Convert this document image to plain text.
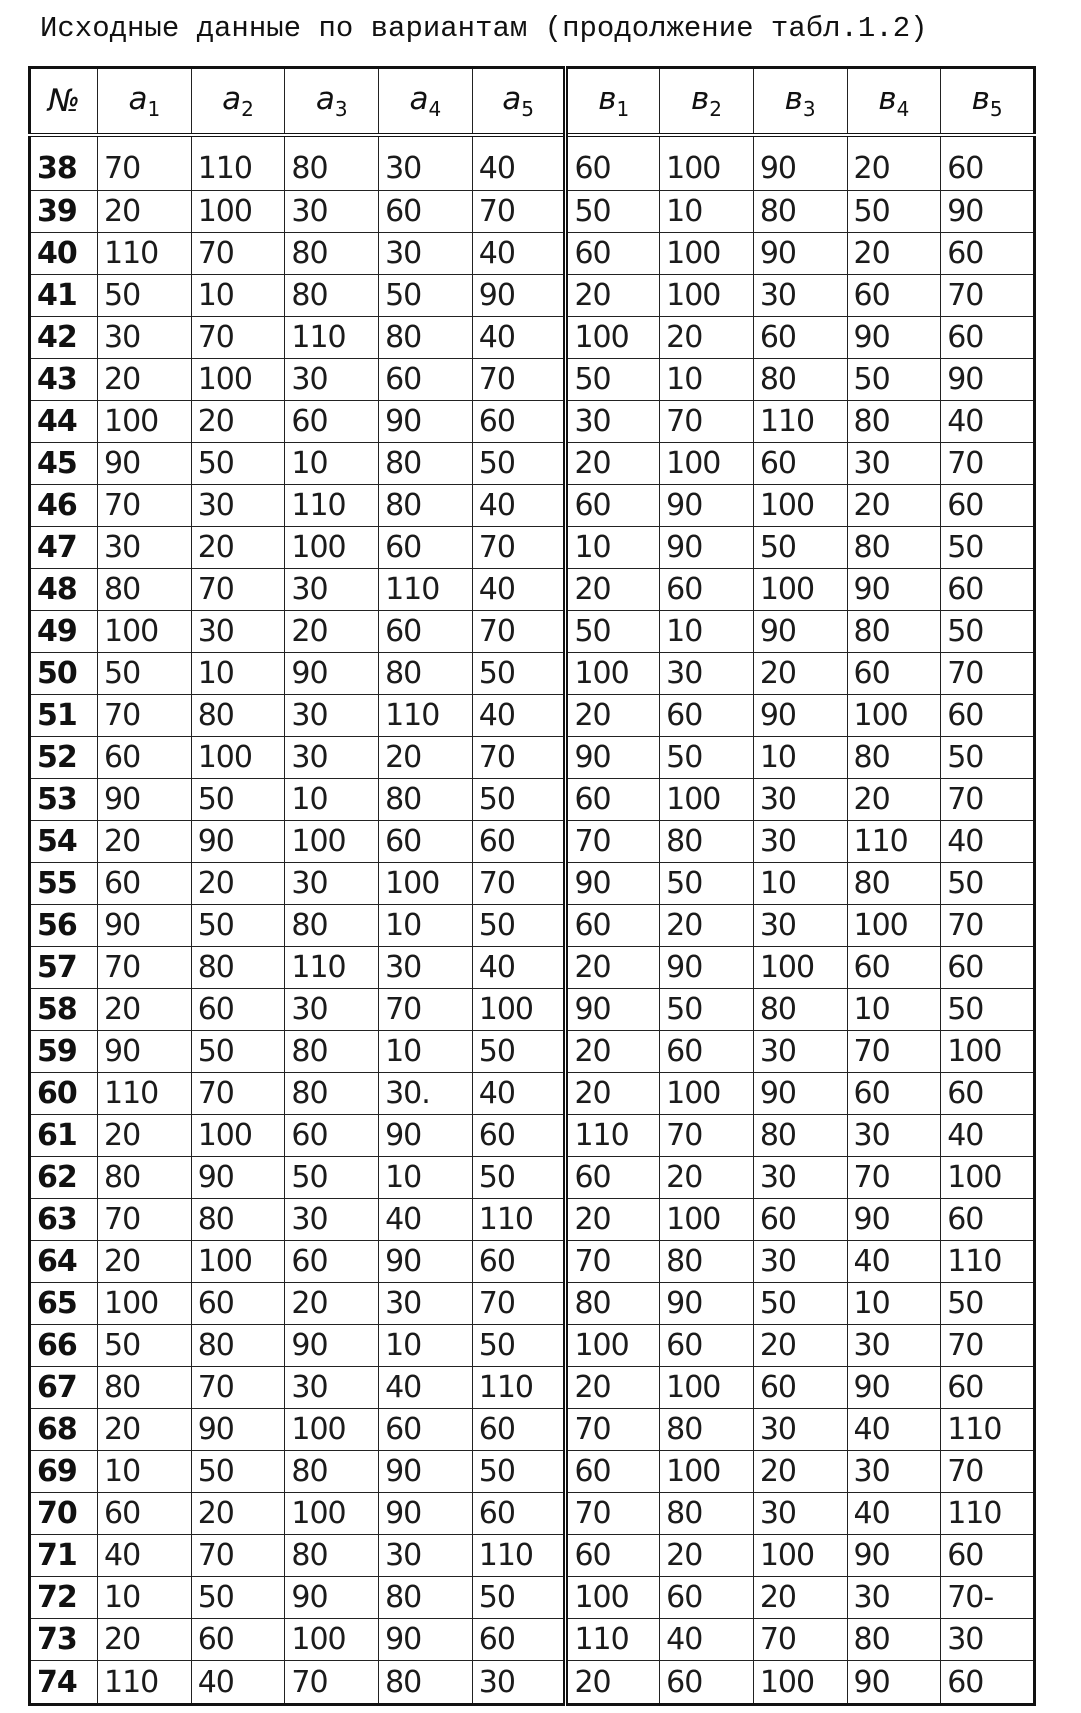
Исходные данные по вариантам (продолжение табл.1.2)
№	$a_1$	$a_2$	$a_3$	$a_4$	$a_5$	$в_1$	$в_2$	$в_3$	$в_4$	$в_5$
38	70	110	80	30	40	60	100	90	20	60
39	20	100	30	60	70	50	10	80	50	90
40	110	70	80	30	40	60	100	90	20	60
41	50	10	80	50	90	20	100	30	60	70
42	30	70	110	80	40	100	20	60	90	60
43	20	100	30	60	70	50	10	80	50	90
44	100	20	60	90	60	30	70	110	80	40
45	90	50	10	80	50	20	100	60	30	70
46	70	30	110	80	40	60	90	100	20	60
47	30	20	100	60	70	10	90	50	80	50
48	80	70	30	110	40	20	60	100	90	60
49	100	30	20	60	70	50	10	90	80	50
50	50	10	90	80	50	100	30	20	60	70
51	70	80	30	110	40	20	60	90	100	60
52	60	100	30	20	70	90	50	10	80	50
53	90	50	10	80	50	60	100	30	20	70
54	20	90	100	60	60	70	80	30	110	40
55	60	20	30	100	70	90	50	10	80	50
56	90	50	80	10	50	60	20	30	100	70
57	70	80	110	30	40	20	90	100	60	60
58	20	60	30	70	100	90	50	80	10	50
59	90	50	80	10	50	20	60	30	70	100
60	110	70	80	30.	40	20	100	90	60	60
61	20	100	60	90	60	110	70	80	30	40
62	80	90	50	10	50	60	20	30	70	100
63	70	80	30	40	110	20	100	60	90	60
64	20	100	60	90	60	70	80	30	40	110
65	100	60	20	30	70	80	90	50	10	50
66	50	80	90	10	50	100	60	20	30	70
67	80	70	30	40	110	20	100	60	90	60
68	20	90	100	60	60	70	80	30	40	110
69	10	50	80	90	50	60	100	20	30	70
70	60	20	100	90	60	70	80	30	40	110
71	40	70	80	30	110	60	20	100	90	60
72	10	50	90	80	50	100	60	20	30	70-
73	20	60	100	90	60	110	40	70	80	30
74	110	40	70	80	30	20	60	100	90	60
